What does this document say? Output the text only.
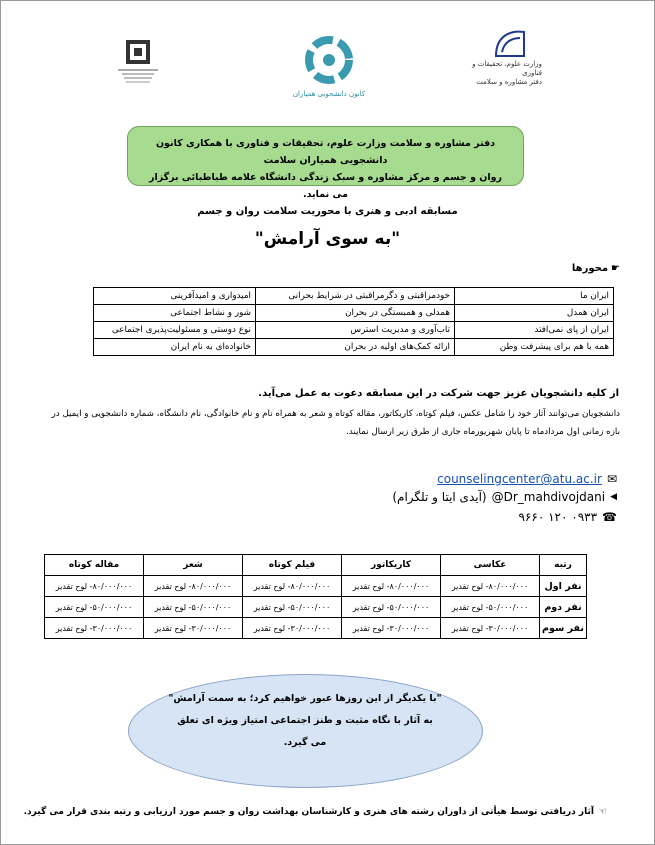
کانون دانشجویی همیاران
وزارت علوم، تحقیقات و فناوری
دفتر مشاوره و سلامت
دفتر مشاوره و سلامت وزارت علوم، تحقیقات و فناوری با همکاری کانون دانشجویی همیاران سلامت
روان و جسم و مرکز مشاوره و سبک زندگی دانشگاه علامه طباطبائی برگزار می نماید.
مسابقه ادبی و هنری با محوریت سلامت روان و جسم
"به سوی آرامش"
☛
محورها
ایران ما	خودمراقبتی و دگرمراقبتی در شرایط بحرانی	امیدواری و امیدآفرینی
ایران همدل	همدلی و همبستگی در بحران	شور و نشاط اجتماعی
ایران از پای نمی‌افتد	تاب‌آوری و مدیریت استرس	نوع دوستی و مسئولیت‌پذیری اجتماعی
همه با هم برای پیشرفت وطن	ارائه کمک‌های اولیه در بحران	خانواده‌ای به نام ایران
از کلیه دانشجویان عزیز جهت شرکت در این مسابقه دعوت به عمل می‌آید.
دانشجویان می‌توانند آثار خود را شامل عکس، فیلم کوتاه، کاریکاتور، مقاله کوتاه و شعر به همراه نام و نام خانوادگی، نام دانشگاه، شماره دانشجویی و ایمیل در بازه زمانی اول مردادماه تا پایان شهریورماه جاری از طرق زیر ارسال نمایند.
✉
counselingcenter@atu.ac.ir
◀
@Dr_mahdivojdani
(آیدی ایتا و تلگرام)
☎
۰۹۳۳ ۱۲۰ ۹۶۶۰
رتبه	عکاسی	کاریکاتور	فیلم کوتاه	شعر	مقاله کوتاه
نفر اول	۸۰/۰۰۰/۰۰۰- لوح تقدیر	۸۰/۰۰۰/۰۰۰- لوح تقدیر	۸۰/۰۰۰/۰۰۰- لوح تقدیر	۸۰/۰۰۰/۰۰۰- لوح تقدیر	۸۰/۰۰۰/۰۰۰- لوح تقدیر
نفر دوم	۵۰/۰۰۰/۰۰۰- لوح تقدیر	۵۰/۰۰۰/۰۰۰- لوح تقدیر	۵۰/۰۰۰/۰۰۰- لوح تقدیر	۵۰/۰۰۰/۰۰۰- لوح تقدیر	۵۰/۰۰۰/۰۰۰- لوح تقدیر
نفر سوم	۳۰/۰۰۰/۰۰۰- لوح تقدیر	۳۰/۰۰۰/۰۰۰- لوح تقدیر	۳۰/۰۰۰/۰۰۰- لوح تقدیر	۳۰/۰۰۰/۰۰۰- لوح تقدیر	۳۰/۰۰۰/۰۰۰- لوح تقدیر
"با یکدیگر از این روزها عبور خواهیم کرد؛ به سمت آرامش"
به آثار با نگاه مثبت و طنز اجتماعی امتیاز ویژه ای تعلق
می گیرد.
☜
آثار دریافتی توسط هیأتی از داوران رشته های هنری و کارشناسان بهداشت روان و جسم مورد ارزیابی و رتبه بندی قرار می گیرد.
